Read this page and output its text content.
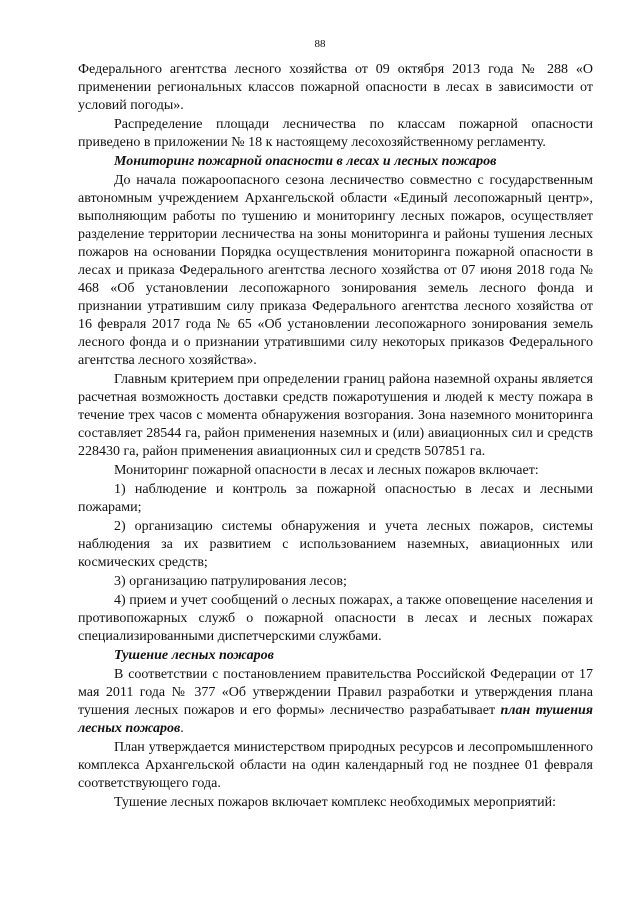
88

Федерального агентства лесного хозяйства от 09 октября 2013 года № 288 «О применении региональных классов пожарной опасности в лесах в зависимости от условий погоды».

Распределение площади лесничества по классам пожарной опасности приведено в приложении № 18 к настоящему лесохозяйственному регламенту.

Мониторинг пожарной опасности в лесах и лесных пожаров

До начала пожароопасного сезона лесничество совместно с государственным автономным учреждением Архангельской области «Единый лесопожарный центр», выполняющим работы по тушению и мониторингу лесных пожаров, осуществляет разделение территории лесничества на зоны мониторинга и районы тушения лесных пожаров на основании Порядка осуществления мониторинга пожарной опасности в лесах и приказа Федерального агентства лесного хозяйства от 07 июня 2018 года № 468 «Об установлении лесопожарного зонирования земель лесного фонда и признании утратившим силу приказа Федерального агентства лесного хозяйства от 16 февраля 2017 года № 65 «Об установлении лесопожарного зонирования земель лесного фонда и о признании утратившими силу некоторых приказов Федерального агентства лесного хозяйства».

Главным критерием при определении границ района наземной охраны является расчетная возможность доставки средств пожаротушения и людей к месту пожара в течение трех часов с момента обнаружения возгорания. Зона наземного мониторинга составляет 28544 га, район применения наземных и (или) авиационных сил и средств 228430 га, район применения авиационных сил и средств 507851 га.

Мониторинг пожарной опасности в лесах и лесных пожаров включает:

1) наблюдение и контроль за пожарной опасностью в лесах и лесными пожарами;

2) организацию системы обнаружения и учета лесных пожаров, системы наблюдения за их развитием с использованием наземных, авиационных или космических средств;

3) организацию патрулирования лесов;

4) прием и учет сообщений о лесных пожарах, а также оповещение населения и противопожарных служб о пожарной опасности в лесах и лесных пожарах специализированными диспетчерскими службами.

Тушение лесных пожаров

В соответствии с постановлением правительства Российской Федерации от 17 мая 2011 года № 377 «Об утверждении Правил разработки и утверждения плана тушения лесных пожаров и его формы» лесничество разрабатывает план тушения лесных пожаров.

План утверждается министерством природных ресурсов и лесопромышленного комплекса Архангельской области на один календарный год не позднее 01 февраля соответствующего года.

Тушение лесных пожаров включает комплекс необходимых мероприятий:
